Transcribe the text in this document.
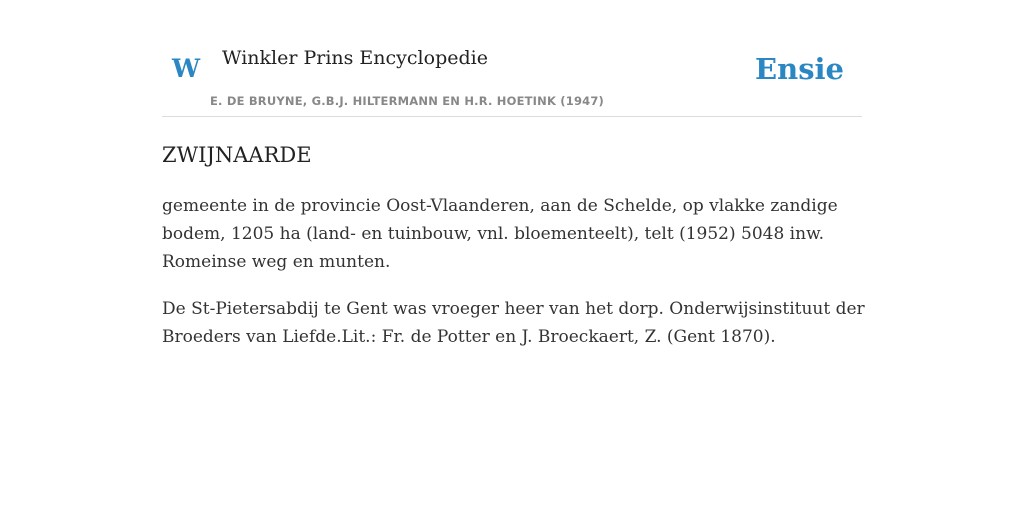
W Winkler Prins Encyclopedie
E. DE BRUYNE, G.B.J. HILTERMANN EN H.R. HOETINK (1947)
Ensie
ZWIJNAARDE

gemeente in de provincie Oost-Vlaanderen, aan de Schelde, op vlakke zandige
bodem, 1205 ha (land- en tuinbouw, vnl. bloementeelt), telt (1952) 5048 inw.
Romeinse weg en munten.

De St-Pietersabdij te Gent was vroeger heer van het dorp. Onderwijsinstituut der
Broeders van Liefde.Lit.: Fr. de Potter en J. Broeckaert, Z. (Gent 1870).
